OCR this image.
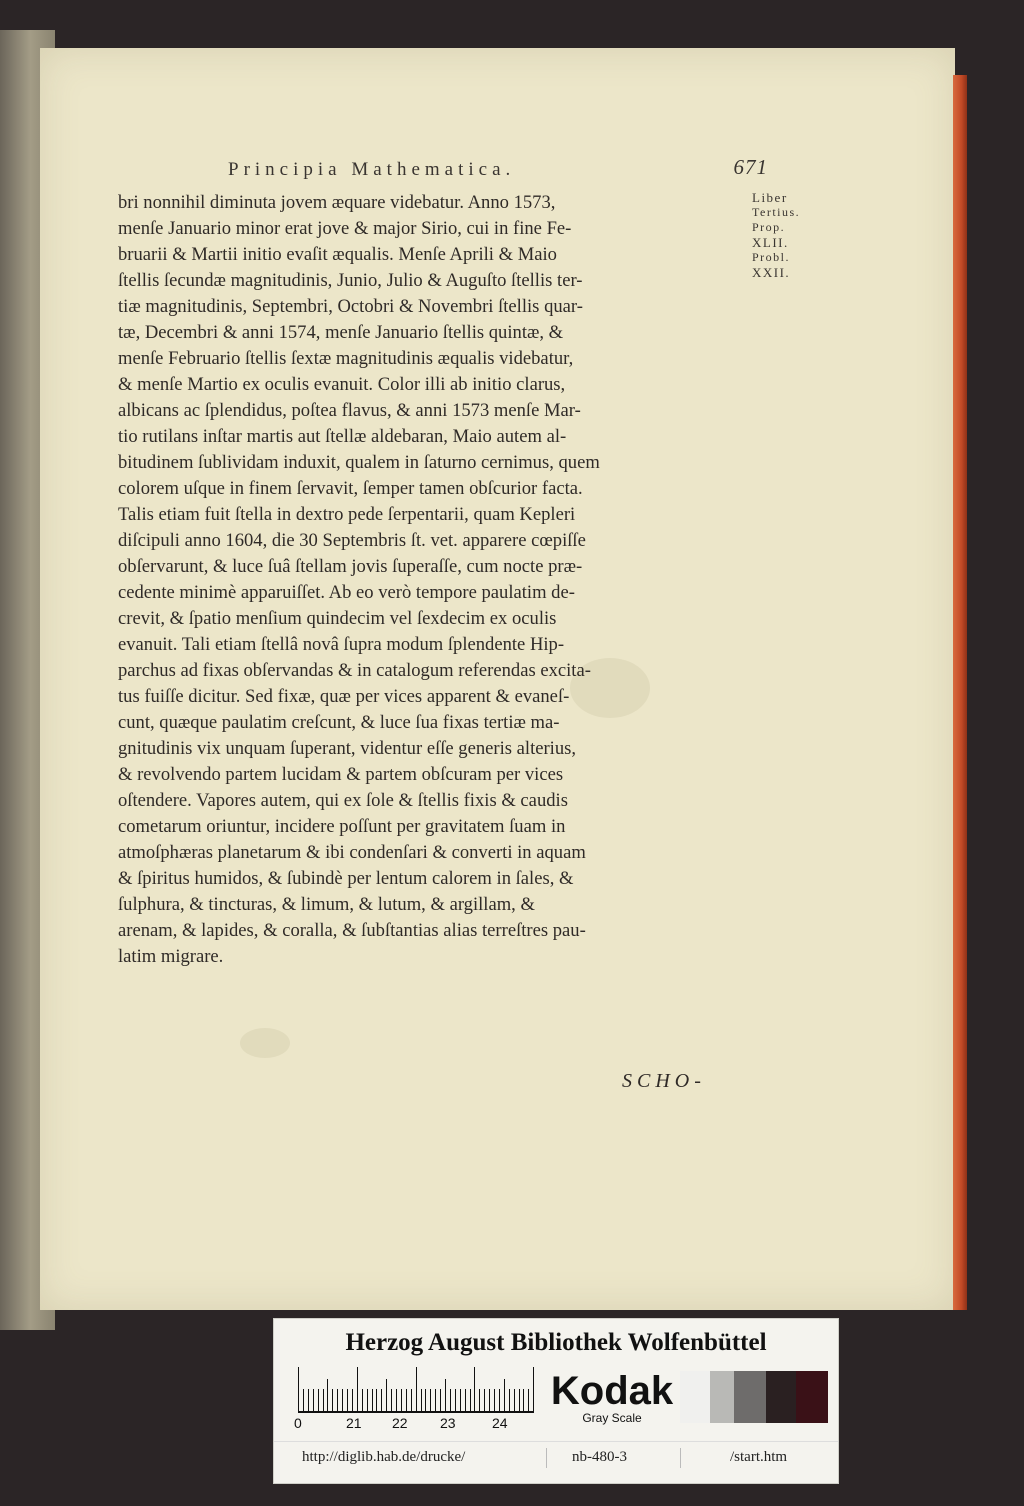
Principia Mathematica.	671
Liber
Tertius.
Prop.
XLII.
Probl.
XXII.
bri nonnihil diminuta jovem æquare videbatur. Anno 1573,
menſe Januario minor erat jove & major Sirio, cui in fine Fe-
bruarii & Martii initio evaſit æqualis. Menſe Aprili & Maio
ſtellis ſecundæ magnitudinis, Junio, Julio & Auguſto ſtellis ter-
tiæ magnitudinis, Septembri, Octobri & Novembri ſtellis quar-
tæ, Decembri & anni 1574, menſe Januario ſtellis quintæ, &
menſe Februario ſtellis ſextæ magnitudinis æqualis videbatur,
& menſe Martio ex oculis evanuit. Color illi ab initio clarus,
albicans ac ſplendidus, poſtea flavus, & anni 1573 menſe Mar-
tio rutilans inſtar martis aut ſtellæ aldebaran, Maio autem al-
bitudinem ſublividam induxit, qualem in ſaturno cernimus, quem
colorem uſque in finem ſervavit, ſemper tamen obſcurior facta.
Talis etiam fuit ſtella in dextro pede ſerpentarii, quam Kepleri
diſcipuli anno 1604, die 30 Septembris ſt. vet. apparere cœpiſſe
obſervarunt, & luce ſuâ ſtellam jovis ſuperaſſe, cum nocte præ-
cedente minimè apparuiſſet. Ab eo verò tempore paulatim de-
crevit, & ſpatio menſium quindecim vel ſexdecim ex oculis
evanuit. Tali etiam ſtellâ novâ ſupra modum ſplendente Hip-
parchus ad fixas obſervandas & in catalogum referendas excita-
tus fuiſſe dicitur. Sed fixæ, quæ per vices apparent & evaneſ-
cunt, quæque paulatim creſcunt, & luce ſua fixas tertiæ ma-
gnitudinis vix unquam ſuperant, videntur eſſe generis alterius,
& revolvendo partem lucidam & partem obſcuram per vices
oſtendere. Vapores autem, qui ex ſole & ſtellis fixis & caudis
cometarum oriuntur, incidere poſſunt per gravitatem ſuam in
atmoſphæras planetarum & ibi condenſari & converti in aquam
& ſpiritus humidos, & ſubindè per lentum calorem in ſales, &
ſulphura, & tincturas, & limum, & lutum, & argillam, &
arenam, & lapides, & coralla, & ſubſtantias alias terreſtres pau-
latim migrare.
SCHO-
Herzog August Bibliothek Wolfenbüttel
0	21 22 23	24
Kodak
Gray Scale
http://diglib.hab.de/drucke/	nb-480-3	/start.htm
